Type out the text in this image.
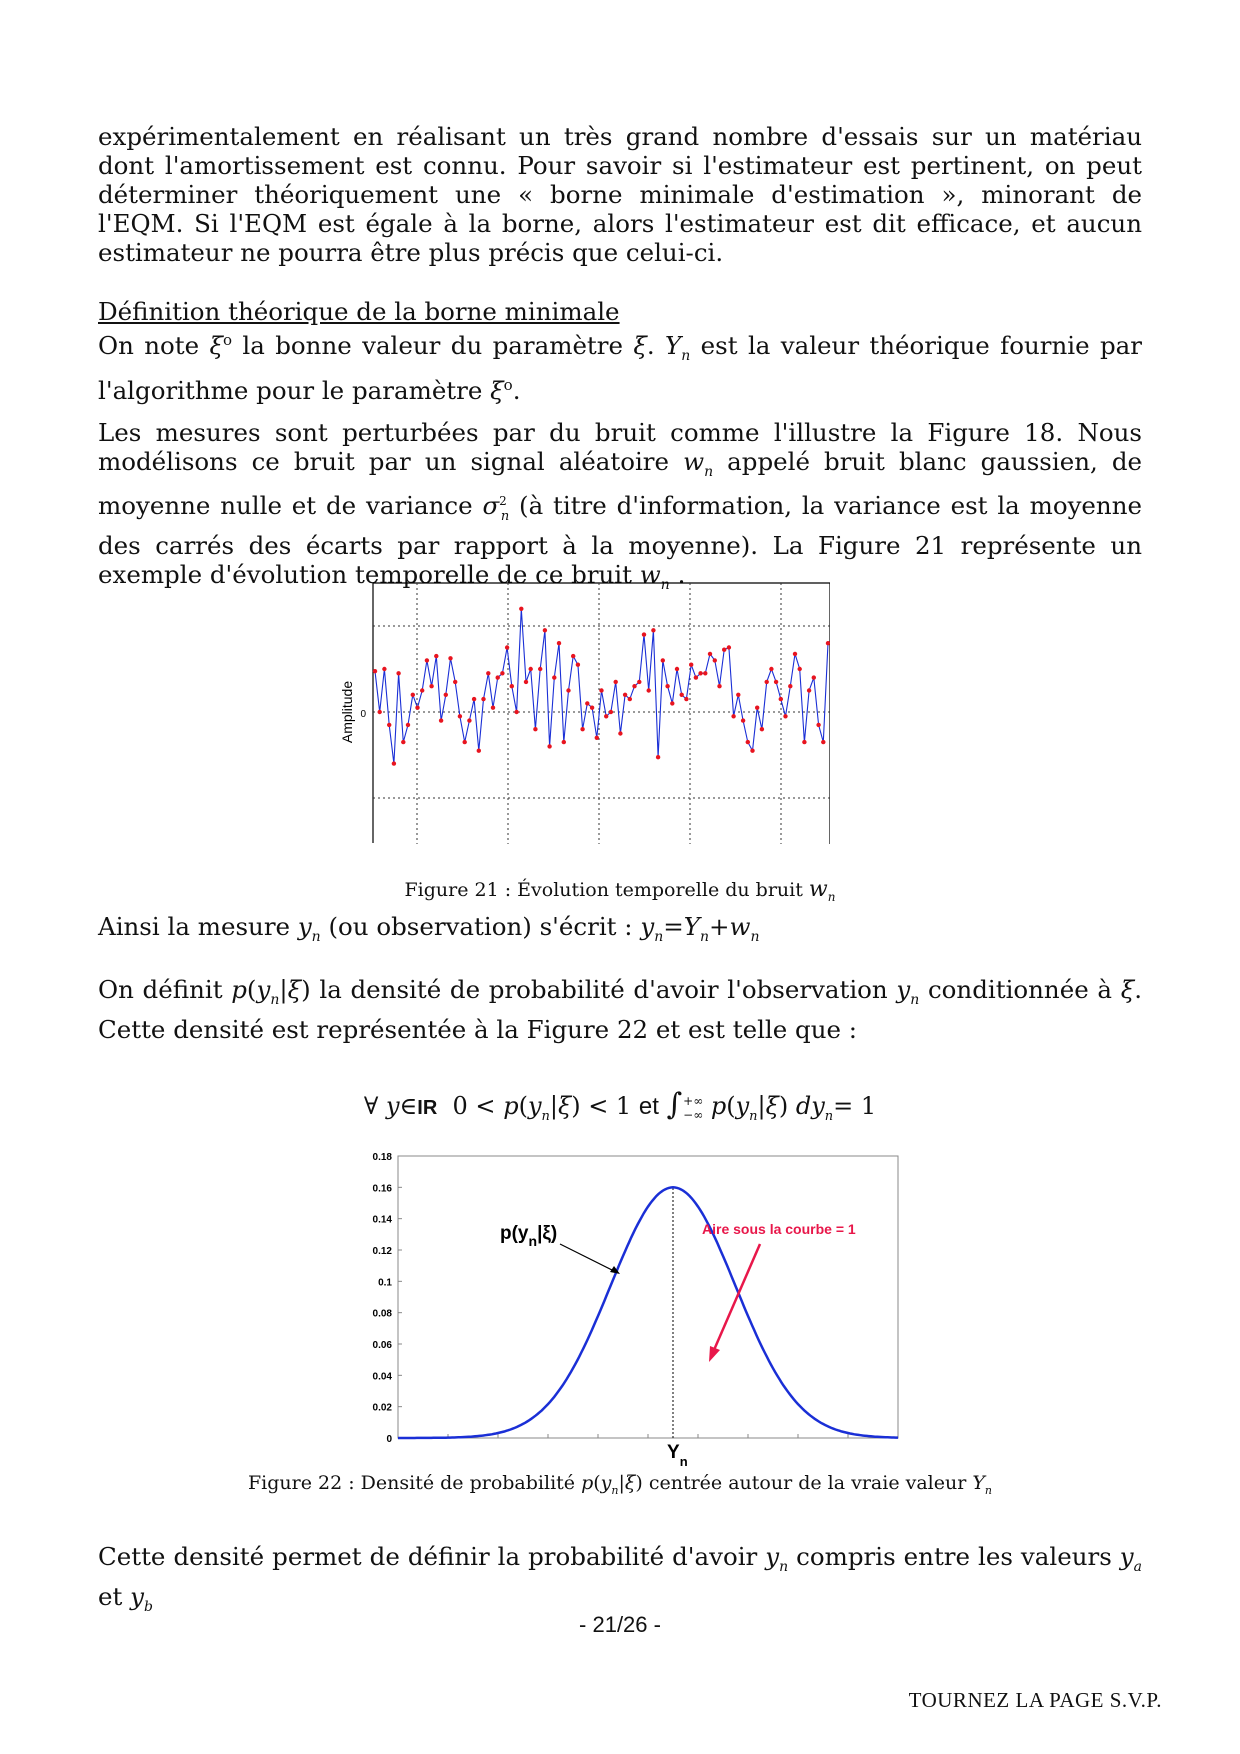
expérimentalement en réalisant un très grand nombre d'essais sur un matériau dont l'amortissement est connu. Pour savoir si l'estimateur est pertinent, on peut déterminer théoriquement une « borne minimale d'estimation », minorant de l'EQM. Si l'EQM est égale à la borne, alors l'estimateur est dit efficace, et aucun estimateur ne pourra être plus précis que celui-ci.
Définition théorique de la borne minimale
On note $\xi^o$ la bonne valeur du paramètre ξ. $Y_n$ est la valeur théorique fournie par l'algorithme pour le paramètre $\xi^o$.
Les mesures sont perturbées par du bruit comme l'illustre la Figure 18. Nous modélisons ce bruit par un signal aléatoire $w_n$ appelé bruit blanc gaussien, de moyenne nulle et de variance $\sigma^2_n$ (à titre d'information, la variance est la moyenne des carrés des écarts par rapport à la moyenne). La Figure 21 représente un exemple d'évolution temporelle de ce bruit $w_n$ .
0
Amplitude
Figure 21 : Évolution temporelle du bruit $w_n$
Ainsi la mesure $y_n$ (ou observation) s'écrit : $y_n=Y_n+w_n$
On définit $p(y_n|\xi)$ la densité de probabilité d'avoir l'observation $y_n$ conditionnée à ξ. Cette densité est représentée à la Figure 22 et est telle que :
∀ y∈IR $0 < p(y_n|\xi) < 1$ et ∫ +∞
−∞ $p(y_n|\xi)$ $dy_n= 1$
0
0.02
0.04
0.06
0.08
0.1
0.12
0.14
0.16
0.18
$p(y_n|\xi)$	Aire sous la courbe = 1
$Y_n$
Figure 22 : Densité de probabilité $p(y_n|\xi)$ centrée autour de la vraie valeur $Y_n$
Cette densité permet de définir la probabilité d'avoir $y_n$ compris entre les valeurs $y_a$ et $y_b$
- 21/26 -
TOURNEZ LA PAGE S.V.P.
